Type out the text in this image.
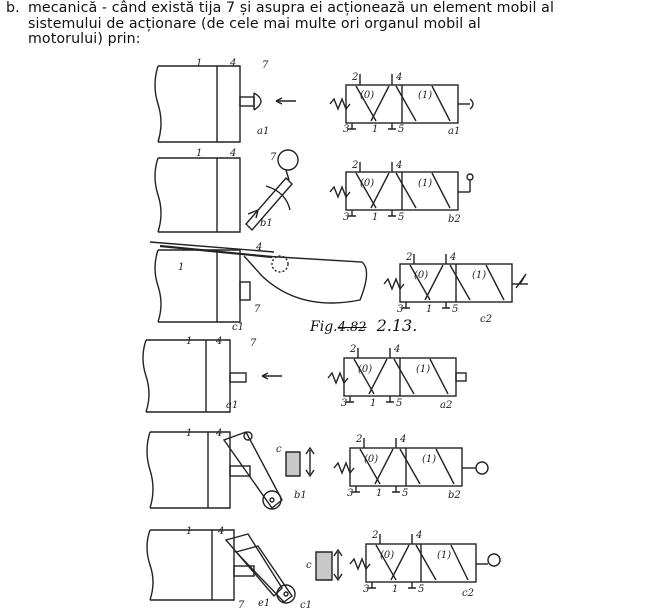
b. mecanică - când există tija 7 și asupra ei acționează un element mobil al
sistemului de acționare (de cele mai multe ori organul mobil al
motorului) prin:
1	4	7
a1
2	4
(0)	(1)
3 1 5	a1
1	4	7
b1
2	4
(0)	(1)
3 1 5	b2
1
4
7
c1
2	4
(0)	(1)
3 1 5
c2
1 4	7
a1
2	4
(0)	(1)
3 1 5	a2
1 4
c
b1
2	4
(0)	(1)
3 1 5	b2
1	4
c
7 e1	c1
2	4
(0)	(1)
3 1 5	c2
Fig.4.82 2.13.
